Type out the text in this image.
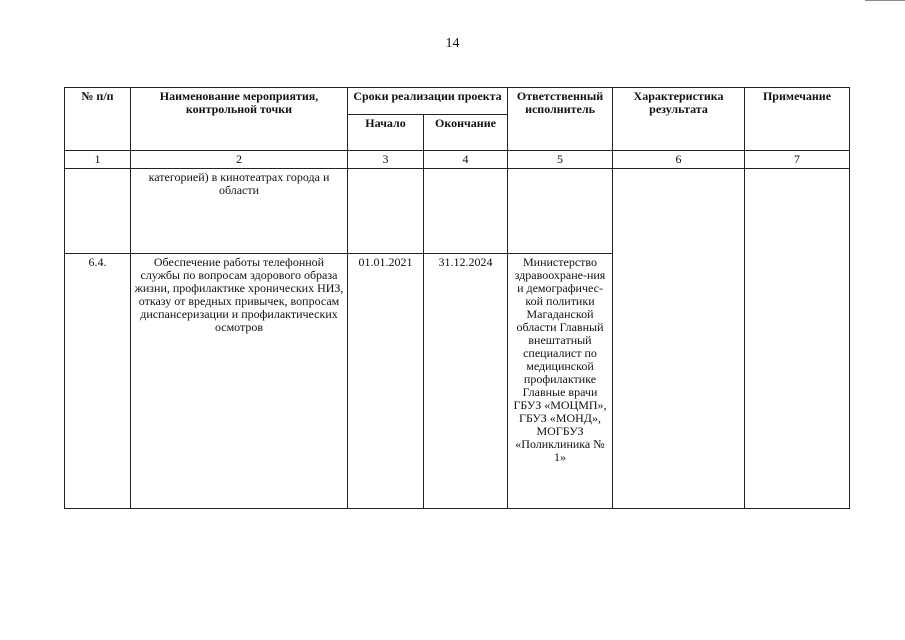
14
№ п/п	Наименование мероприятия, контрольной точки	Сроки реализации проекта		Ответственный исполнитель	Характеристика результата	Примечание
		Начало	Окончание			
1	2	3	4	5	6	7
	категорией) в кинотеатрах города и области					
6.4.	Обеспечение работы телефонной службы по вопросам здорового образа жизни, профилактике хронических НИЗ, отказу от вредных привычек, вопросам диспансеризации и профилактических осмотров	01.01.2021	31.12.2024	Министерство здравоохране-ния и демографичес-кой политики Магаданской области Главный внештатный специалист по медицинской профилактике Главные врачи ГБУЗ «МОЦМП», ГБУЗ «МОНД», МОГБУЗ «Поликлиника № 1»		
